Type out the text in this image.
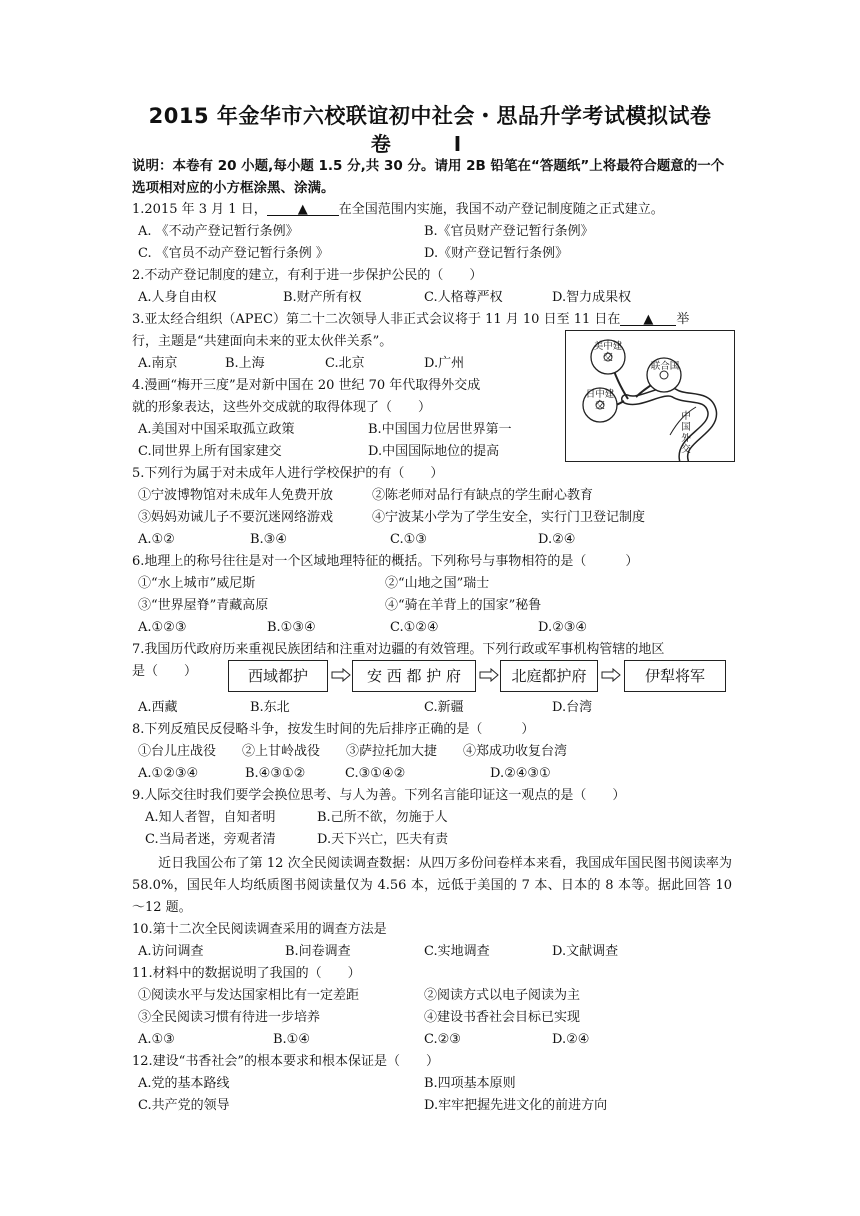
2015 年金华市六校联谊初中社会・思品升学考试模拟试卷
卷 Ⅰ
说明：本卷有 20 小题,每小题 1.5 分,共 30 分。请用 2B 铅笔在“答题纸”上将最符合题意的一个选项相对应的小方框涂黑、涂满。
1.2015 年 3 月 1 日， ▲ 在全国范围内实施，我国不动产登记制度随之正式建立。
A. 《不动产登记暂行条例》	B.《官员财产登记暂行条例》
C. 《官员不动产登记暂行条例 》	D.《财产登记暂行条例》
2.不动产登记制度的建立，有利于进一步保护公民的（　　）
A.人身自由权	B.财产所有权	C.人格尊严权	D.智力成果权
3.亚太经合组织（APEC）第二十二次领导人非正式会议将于 11 月 10 日至 11 日在 ▲ 举
行，主题是“共建面向未来的亚太伙伴关系”。
A.南京	B.上海	C.北京	D.广州
4.漫画“梅开三度”是对新中国在 20 世纪 70 年代取得外交成
就的形象表达，这些外交成就的取得体现了（　　）
A.美国对中国采取孤立政策	B.中国国力位居世界第一
C.同世界上所有国家建交	D.中国国际地位的提高
美中建交
联合国
日中建交
中国外交
5.下列行为属于对未成年人进行学校保护的有（　　）
①宁波博物馆对未成年人免费开放	②陈老师对品行有缺点的学生耐心教育
③妈妈劝诫儿子不要沉迷网络游戏	④宁波某小学为了学生安全，实行门卫登记制度
A.①②	B.③④	C.①③	D.②④
6.地理上的称号往往是对一个区域地理特征的概括。下列称号与事物相符的是（　　　）
①“水上城市”威尼斯	②“山地之国”瑞士
③“世界屋脊”青藏高原	④“骑在羊背上的国家”秘鲁
A.①②③	B.①③④	C.①②④	D.②③④
7.我国历代政府历来重视民族团结和注重对边疆的有效管理。下列行政或军事机构管辖的地区
是（　　）	西域都护	安 西 都 护 府	北庭都护府	伊犁将军
A.西藏	B.东北	C.新疆	D.台湾
8.下列反殖民反侵略斗争，按发生时间的先后排序正确的是（　　　）
①台儿庄战役　　②上甘岭战役　　③萨拉托加大捷　　④郑成功收复台湾
A.①②③④	B.④③①②	C.③①④②	D.②④③①
9.人际交往时我们要学会换位思考、与人为善。下列名言能印证这一观点的是（　　）
A.知人者智，自知者明	B.己所不欲，勿施于人
C.当局者迷，旁观者清	D.天下兴亡，匹夫有责
　　近日我国公布了第 12 次全民阅读调查数据：从四万多份问卷样本来看，我国成年国民图书阅读率为 58.0%，国民年人均纸质图书阅读量仅为 4.56 本，远低于美国的 7 本、日本的 8 本等。据此回答 10～12 题。
10.第十二次全民阅读调查采用的调查方法是
A.访问调查	B.问卷调查	C.实地调查	D.文献调查
11.材料中的数据说明了我国的（　　）
①阅读水平与发达国家相比有一定差距	②阅读方式以电子阅读为主
③全民阅读习惯有待进一步培养	④建设书香社会目标已实现
A.①③	B.①④	C.②③	D.②④
12.建设“书香社会”的根本要求和根本保证是（　　）
A.党的基本路线	B.四项基本原则
C.共产党的领导	D.牢牢把握先进文化的前进方向
